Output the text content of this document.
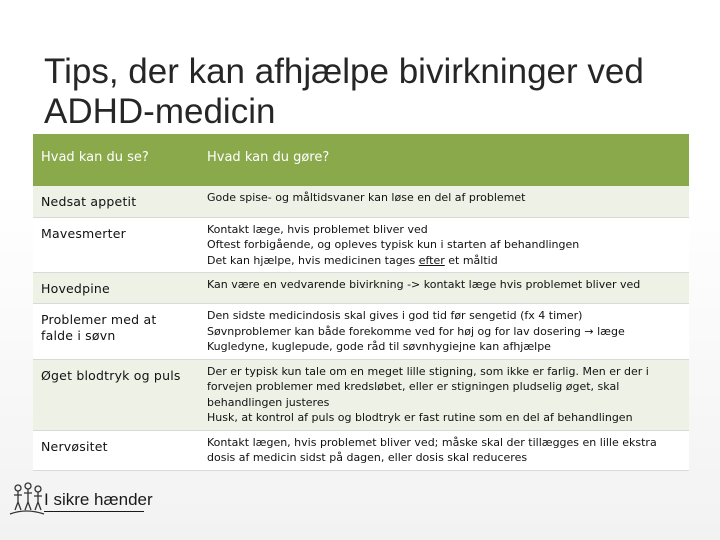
Tips, der kan afhjælpe bivirkninger ved ADHD-medicin
Hvad kan du se?	Hvad kan du gøre?
Nedsat appetit	Gode spise- og måltidsvaner kan løse en del af problemet

Mavesmerter	Kontakt læge, hvis problemet bliver ved
Oftest forbigående, og opleves typisk kun i starten af behandlingen
Det kan hjælpe, hvis medicinen tages efter et måltid

Hovedpine	Kan være en vedvarende bivirkning -> kontakt læge hvis problemet bliver ved

Problemer med at falde i søvn	Den sidste medicindosis skal gives i god tid før sengetid (fx 4 timer)
Søvnproblemer kan både forekomme ved for høj og for lav dosering → læge
Kugledyne, kuglepude, gode råd til søvnhygiejne kan afhjælpe

Øget blodtryk og puls	Der er typisk kun tale om en meget lille stigning, som ikke er farlig. Men er der i forvejen problemer med kredsløbet, eller er stigningen pludselig øget, skal behandlingen justeres
Husk, at kontrol af puls og blodtryk er fast rutine som en del af behandlingen

Nervøsitet	Kontakt lægen, hvis problemet bliver ved; måske skal der tillægges en lille ekstra dosis af medicin sidst på dagen, eller dosis skal reduceres
I sikre hænder
